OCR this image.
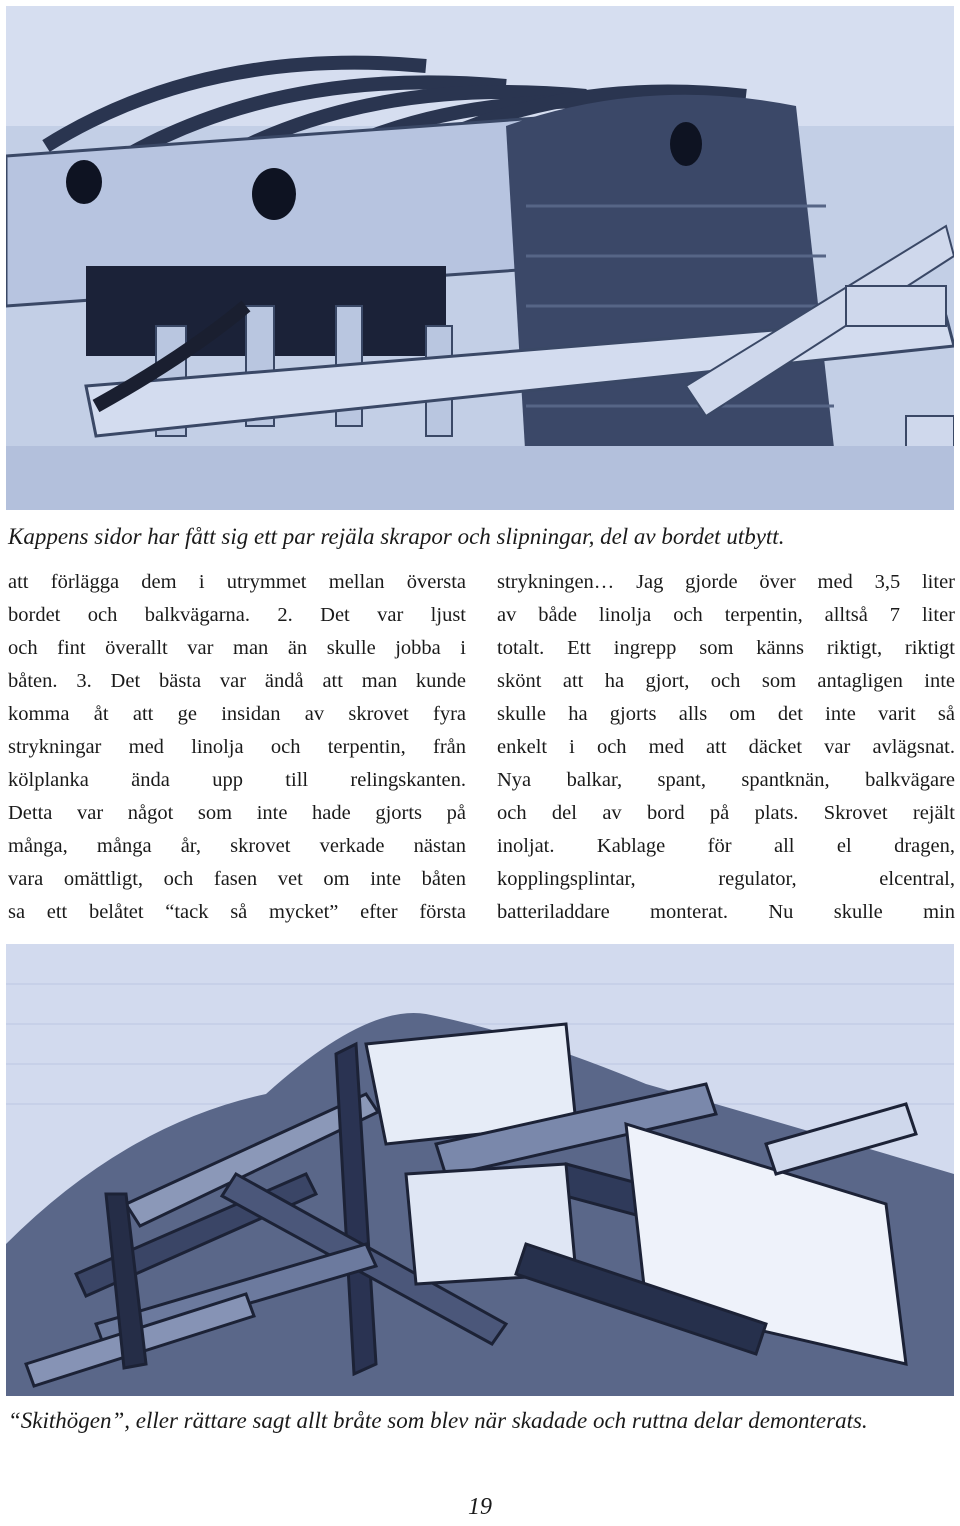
Kappens sidor har fått sig ett par rejäla skrapor och slipningar, del av bordet utbytt.
att förlägga dem i utrymmet mellan översta
bordet och balkvägarna. 2. Det var ljust
och fint överallt var man än skulle jobba i
båten. 3. Det bästa var ändå att man kunde
komma åt att ge insidan av skrovet fyra
strykningar med linolja och terpentin, från
kölplanka ända upp till relingskanten.
Detta var något som inte hade gjorts på
många, många år, skrovet verkade nästan
vara omättligt, och fasen vet om inte båten
sa ett belåtet “tack så mycket” efter första
strykningen… Jag gjorde över med 3,5 liter
av både linolja och terpentin, alltså 7 liter
totalt. Ett ingrepp som känns riktigt, riktigt
skönt att ha gjort, och som antagligen inte
skulle ha gjorts alls om det inte varit så
enkelt i och med att däcket var avlägsnat.
Nya balkar, spant, spantknän, balkvägare
och del av bord på plats. Skrovet rejält
inoljat. Kablage för all el dragen,
kopplingsplintar, regulator, elcentral,
batteriladdare monterat. Nu skulle min
“Skithögen”, eller rättare sagt allt bråte som blev när skadade och ruttna delar demonterats.
19
